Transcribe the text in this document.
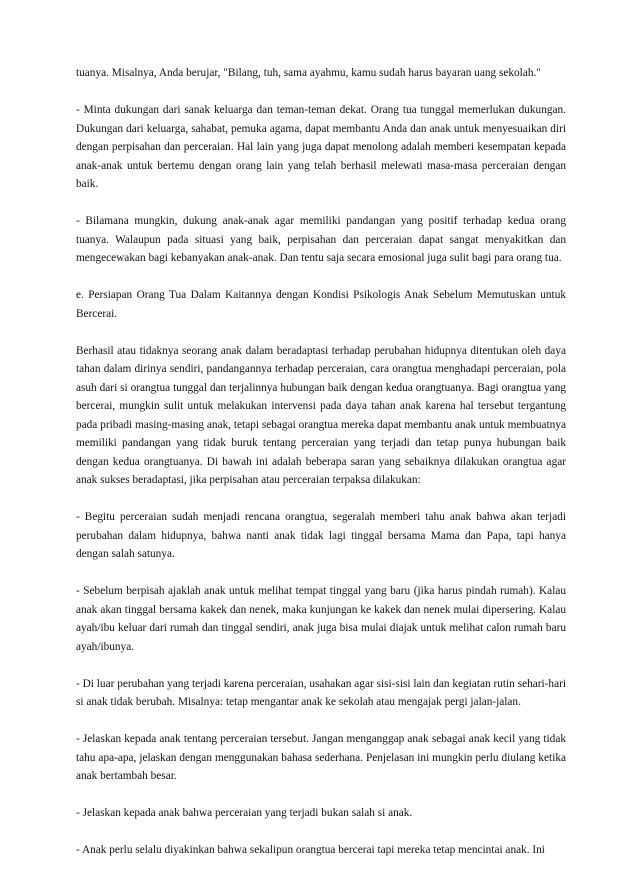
tuanya. Misalnya, Anda berujar, "Bilang, tuh, sama ayahmu, kamu sudah harus bayaran uang sekolah."

- Minta dukungan dari sanak keluarga dan teman-teman dekat. Orang tua tunggal memerlukan dukungan. Dukungan dari keluarga, sahabat, pemuka agama, dapat membantu Anda dan anak untuk menyesuaikan diri dengan perpisahan dan perceraian. Hal lain yang juga dapat menolong adalah memberi kesempatan kepada anak-anak untuk bertemu dengan orang lain yang telah berhasil melewati masa-masa perceraian dengan baik.

- Bilamana mungkin, dukung anak-anak agar memiliki pandangan yang positif terhadap kedua orang tuanya. Walaupun pada situasi yang baik, perpisahan dan perceraian dapat sangat menyakitkan dan mengecewakan bagi kebanyakan anak-anak. Dan tentu saja secara emosional juga sulit bagi para orang tua.

e. Persiapan Orang Tua Dalam Kaitannya dengan Kondisi Psikologis Anak Sebelum Memutuskan untuk Bercerai.

Berhasil atau tidaknya seorang anak dalam beradaptasi terhadap perubahan hidupnya ditentukan oleh daya tahan dalam dirinya sendiri, pandangannya terhadap perceraian, cara orangtua menghadapi perceraian, pola asuh dari si orangtua tunggal dan terjalinnya hubungan baik dengan kedua orangtuanya. Bagi orangtua yang bercerai, mungkin sulit untuk melakukan intervensi pada daya tahan anak karena hal tersebut tergantung pada pribadi masing-masing anak, tetapi sebagai orangtua mereka dapat membantu anak untuk membuatnya memiliki pandangan yang tidak buruk tentang perceraian yang terjadi dan tetap punya hubungan baik dengan kedua orangtuanya. Di bawah ini adalah beberapa saran yang sebaiknya dilakukan orangtua agar anak sukses beradaptasi, jika perpisahan atau perceraian terpaksa dilakukan:

- Begitu perceraian sudah menjadi rencana orangtua, segeralah memberi tahu anak bahwa akan terjadi perubahan dalam hidupnya, bahwa nanti anak tidak lagi tinggal bersama Mama dan Papa, tapi hanya dengan salah satunya.

- Sebelum berpisah ajaklah anak untuk melihat tempat tinggal yang baru (jika harus pindah rumah). Kalau anak akan tinggal bersama kakek dan nenek, maka kunjungan ke kakek dan nenek mulai dipersering. Kalau ayah/ibu keluar dari rumah dan tinggal sendiri, anak juga bisa mulai diajak untuk melihat calon rumah baru ayah/ibunya.

- Di luar perubahan yang terjadi karena perceraian, usahakan agar sisi-sisi lain dan kegiatan rutin sehari-hari si anak tidak berubah. Misalnya: tetap mengantar anak ke sekolah atau mengajak pergi jalan-jalan.

- Jelaskan kepada anak tentang perceraian tersebut. Jangan menganggap anak sebagai anak kecil yang tidak tahu apa-apa, jelaskan dengan menggunakan bahasa sederhana. Penjelasan ini mungkin perlu diulang ketika anak bertambah besar.

- Jelaskan kepada anak bahwa perceraian yang terjadi bukan salah si anak.

- Anak perlu selalu diyakinkan bahwa sekalipun orangtua bercerai tapi mereka tetap mencintai anak. Ini
